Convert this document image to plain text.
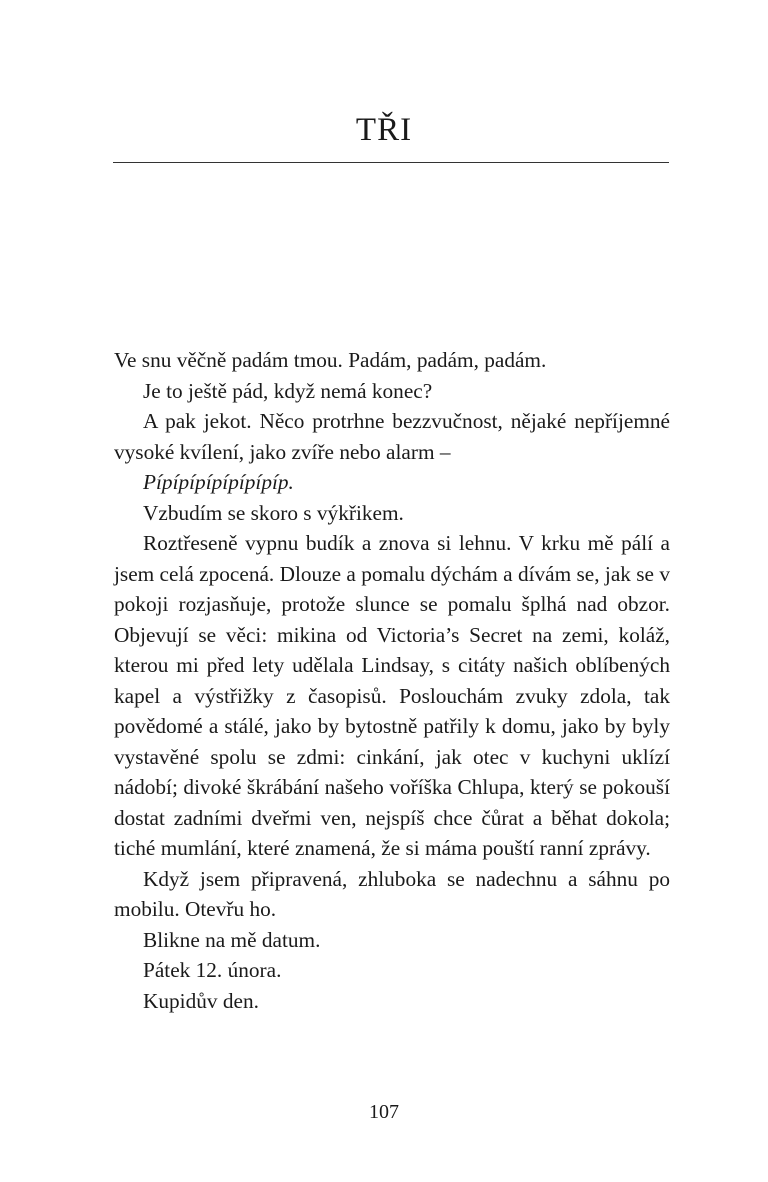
TŘI

Ve snu věčně padám tmou. Padám, padám, padám.

Je to ještě pád, když nemá konec?

A pak jekot. Něco protrhne bezzvučnost, nějaké nepříjemné vysoké kvílení, jako zvíře nebo alarm –

Pípípípípípípípíp.

Vzbudím se skoro s výkřikem.

Roztřeseně vypnu budík a znova si lehnu. V krku mě pálí a jsem celá zpocená. Dlouze a pomalu dýchám a dívám se, jak se v pokoji rozjasňuje, protože slunce se pomalu šplhá nad obzor. Objevují se věci: mikina od Victoria’s Secret na zemi, koláž, kterou mi před lety udělala Lindsay, s citáty našich oblíbených kapel a výstřižky z časopisů. Poslouchám zvuky zdola, tak povědomé a stálé, jako by bytostně patřily k domu, jako by byly vystavěné spolu se zdmi: cinkání, jak otec v kuchyni uklízí nádobí; divoké škrábání našeho voříška Chlupa, který se pokouší dostat zadními dveřmi ven, nejspíš chce čůrat a běhat dokola; tiché mumlání, které znamená, že si máma pouští ranní zprávy.

Když jsem připravená, zhluboka se nadechnu a sáhnu po mobilu. Otevřu ho.

Blikne na mě datum.

Pátek 12. února.

Kupidův den.

107
